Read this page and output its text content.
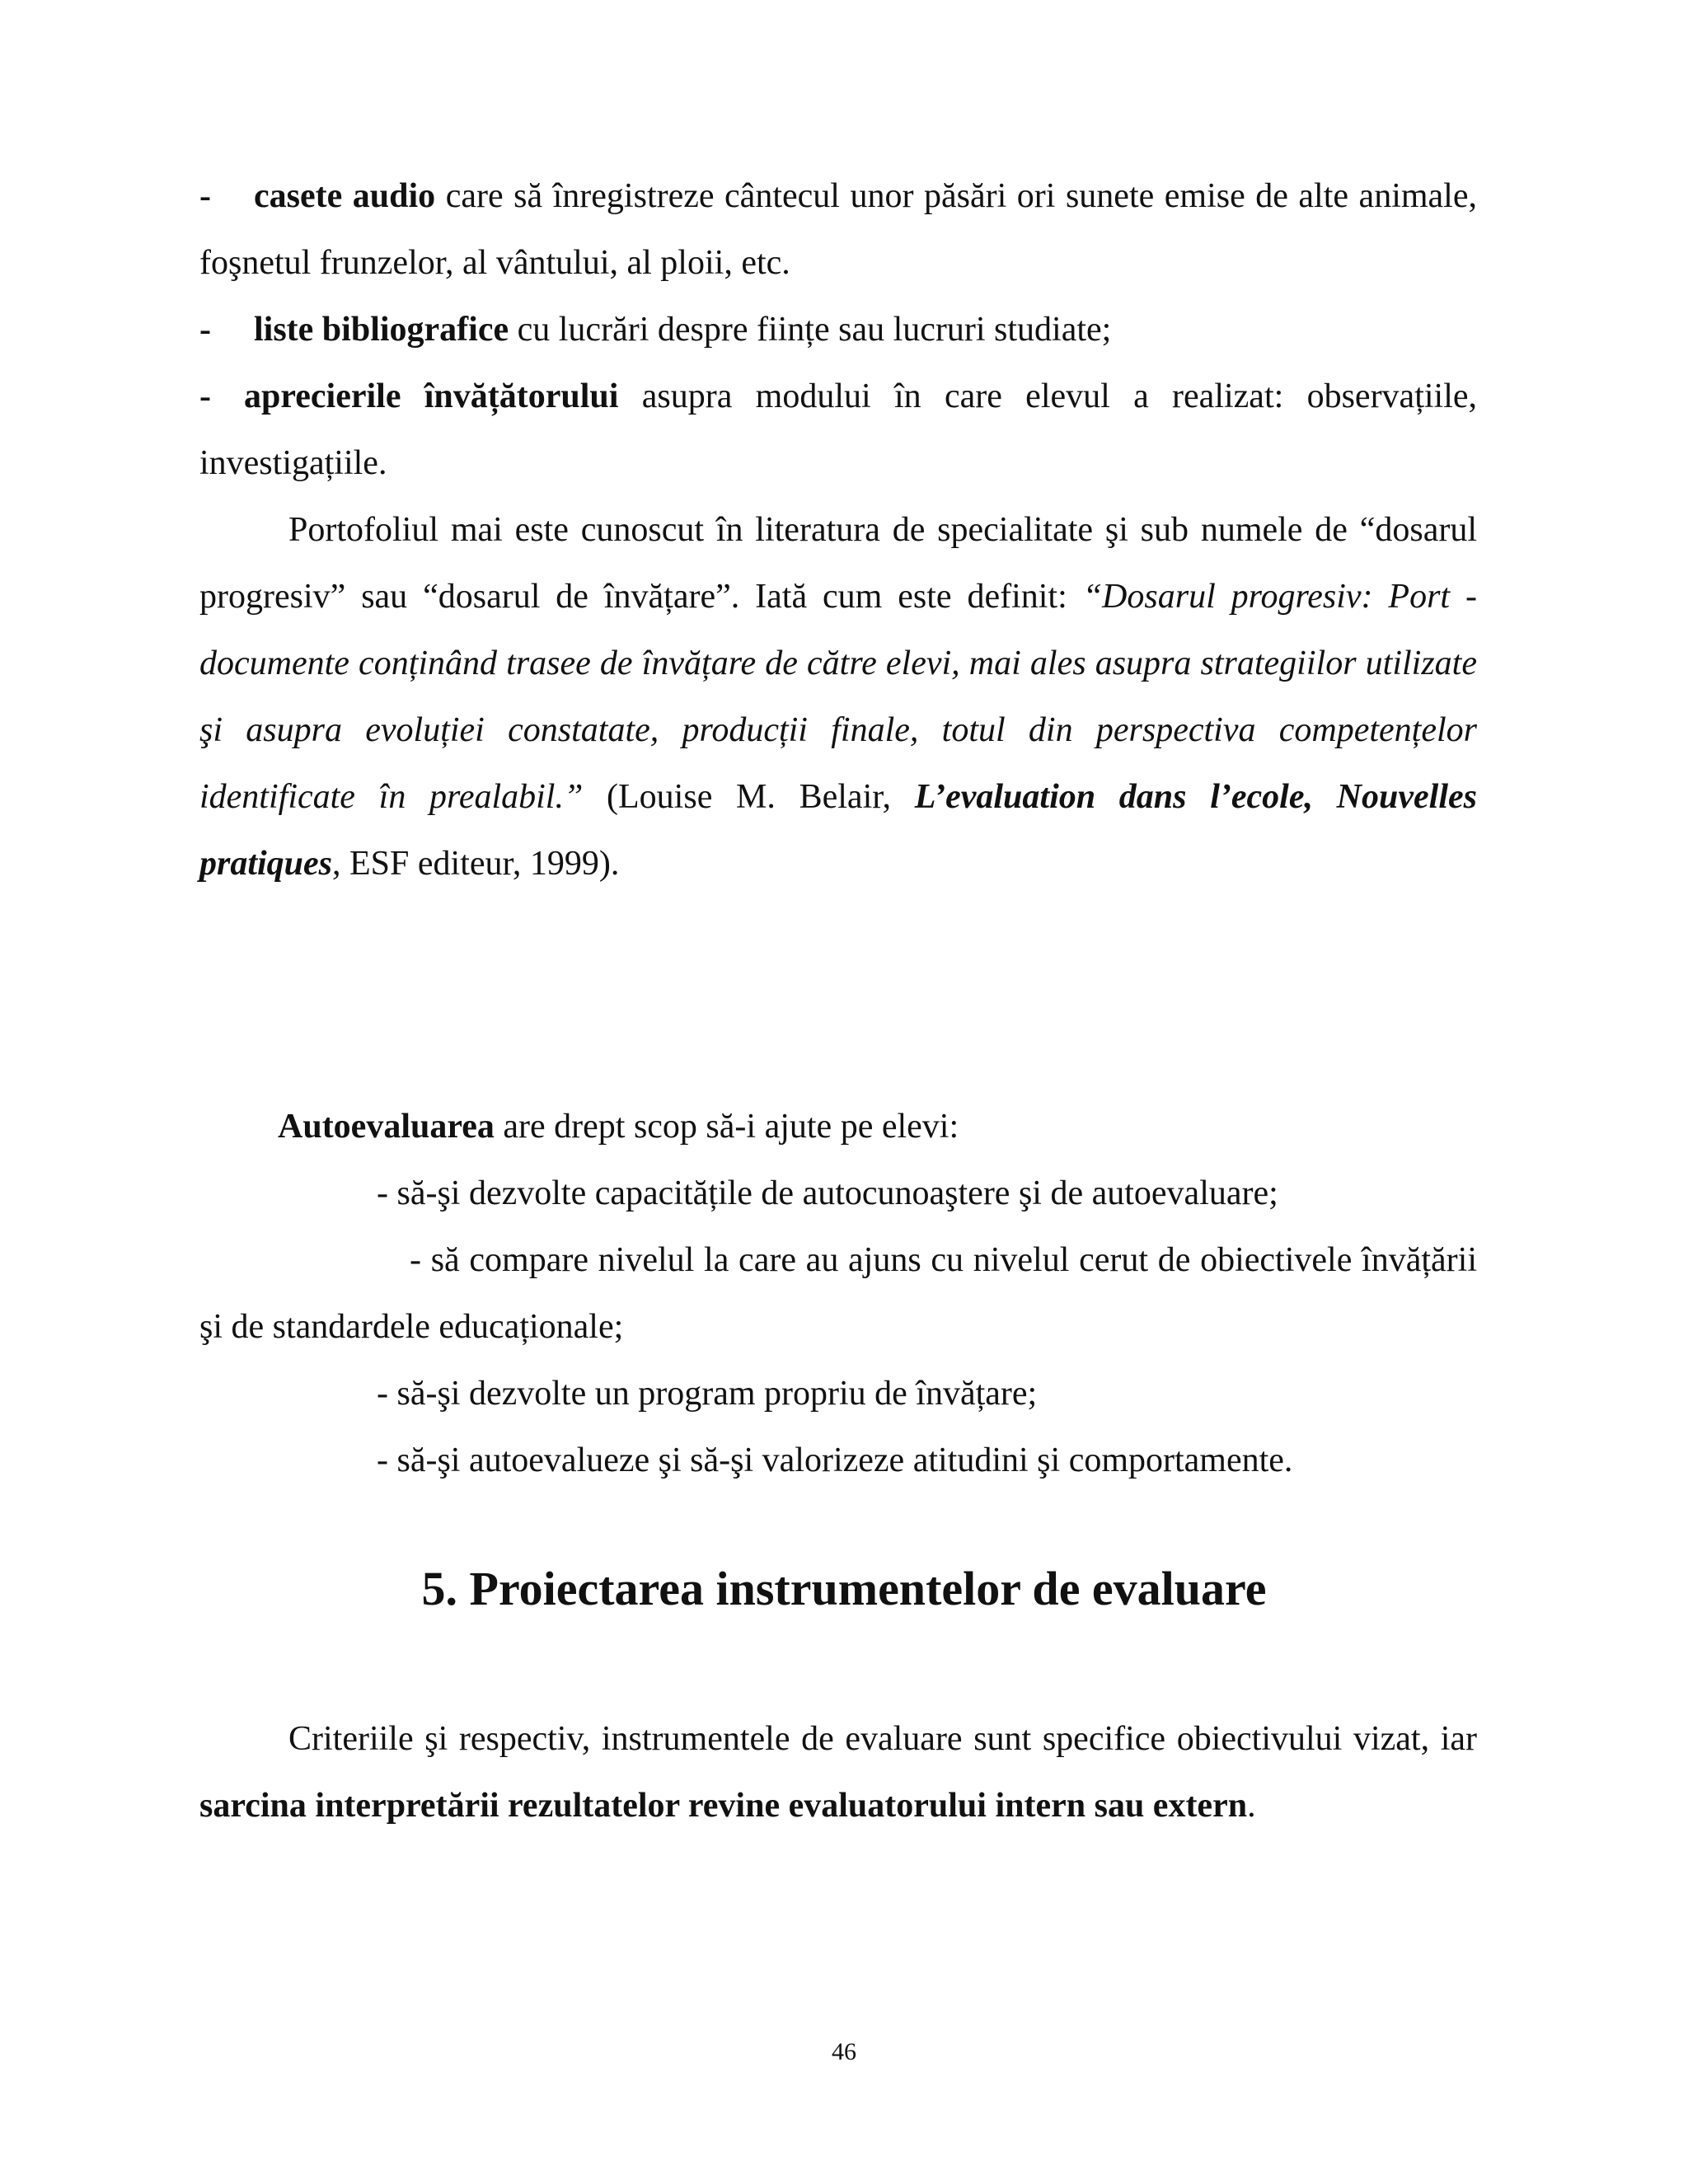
- casete audio care să înregistreze cântecul unor păsări ori sunete emise de alte animale, foşnetul frunzelor, al vântului, al ploii, etc.

- liste bibliografice cu lucrări despre ființe sau lucruri studiate;

- aprecierile învățătorului asupra modului în care elevul a realizat: observațiile, investigațiile.

Portofoliul mai este cunoscut în literatura de specialitate şi sub numele de “dosarul progresiv” sau “dosarul de învățare”. Iată cum este definit: “Dosarul progresiv: Port - documente conținând trasee de învățare de către elevi, mai ales asupra strategiilor utilizate şi asupra evoluției constatate, producții finale, totul din perspectiva competențelor identificate în prealabil.” (Louise M. Belair, L’evaluation dans l’ecole, Nouvelles pratiques, ESF editeur, 1999).

Autoevaluarea are drept scop să-i ajute pe elevi:

- să-şi dezvolte capacitățile de autocunoaştere şi de autoevaluare;

- să compare nivelul la care au ajuns cu nivelul cerut de obiectivele învățării şi de standardele educaționale;

- să-şi dezvolte un program propriu de învățare;

- să-şi autoevalueze şi să-şi valorizeze atitudini şi comportamente.

5. Proiectarea instrumentelor de evaluare

Criteriile şi respectiv, instrumentele de evaluare sunt specifice obiectivului vizat, iar sarcina interpretării rezultatelor revine evaluatorului intern sau extern.

46
